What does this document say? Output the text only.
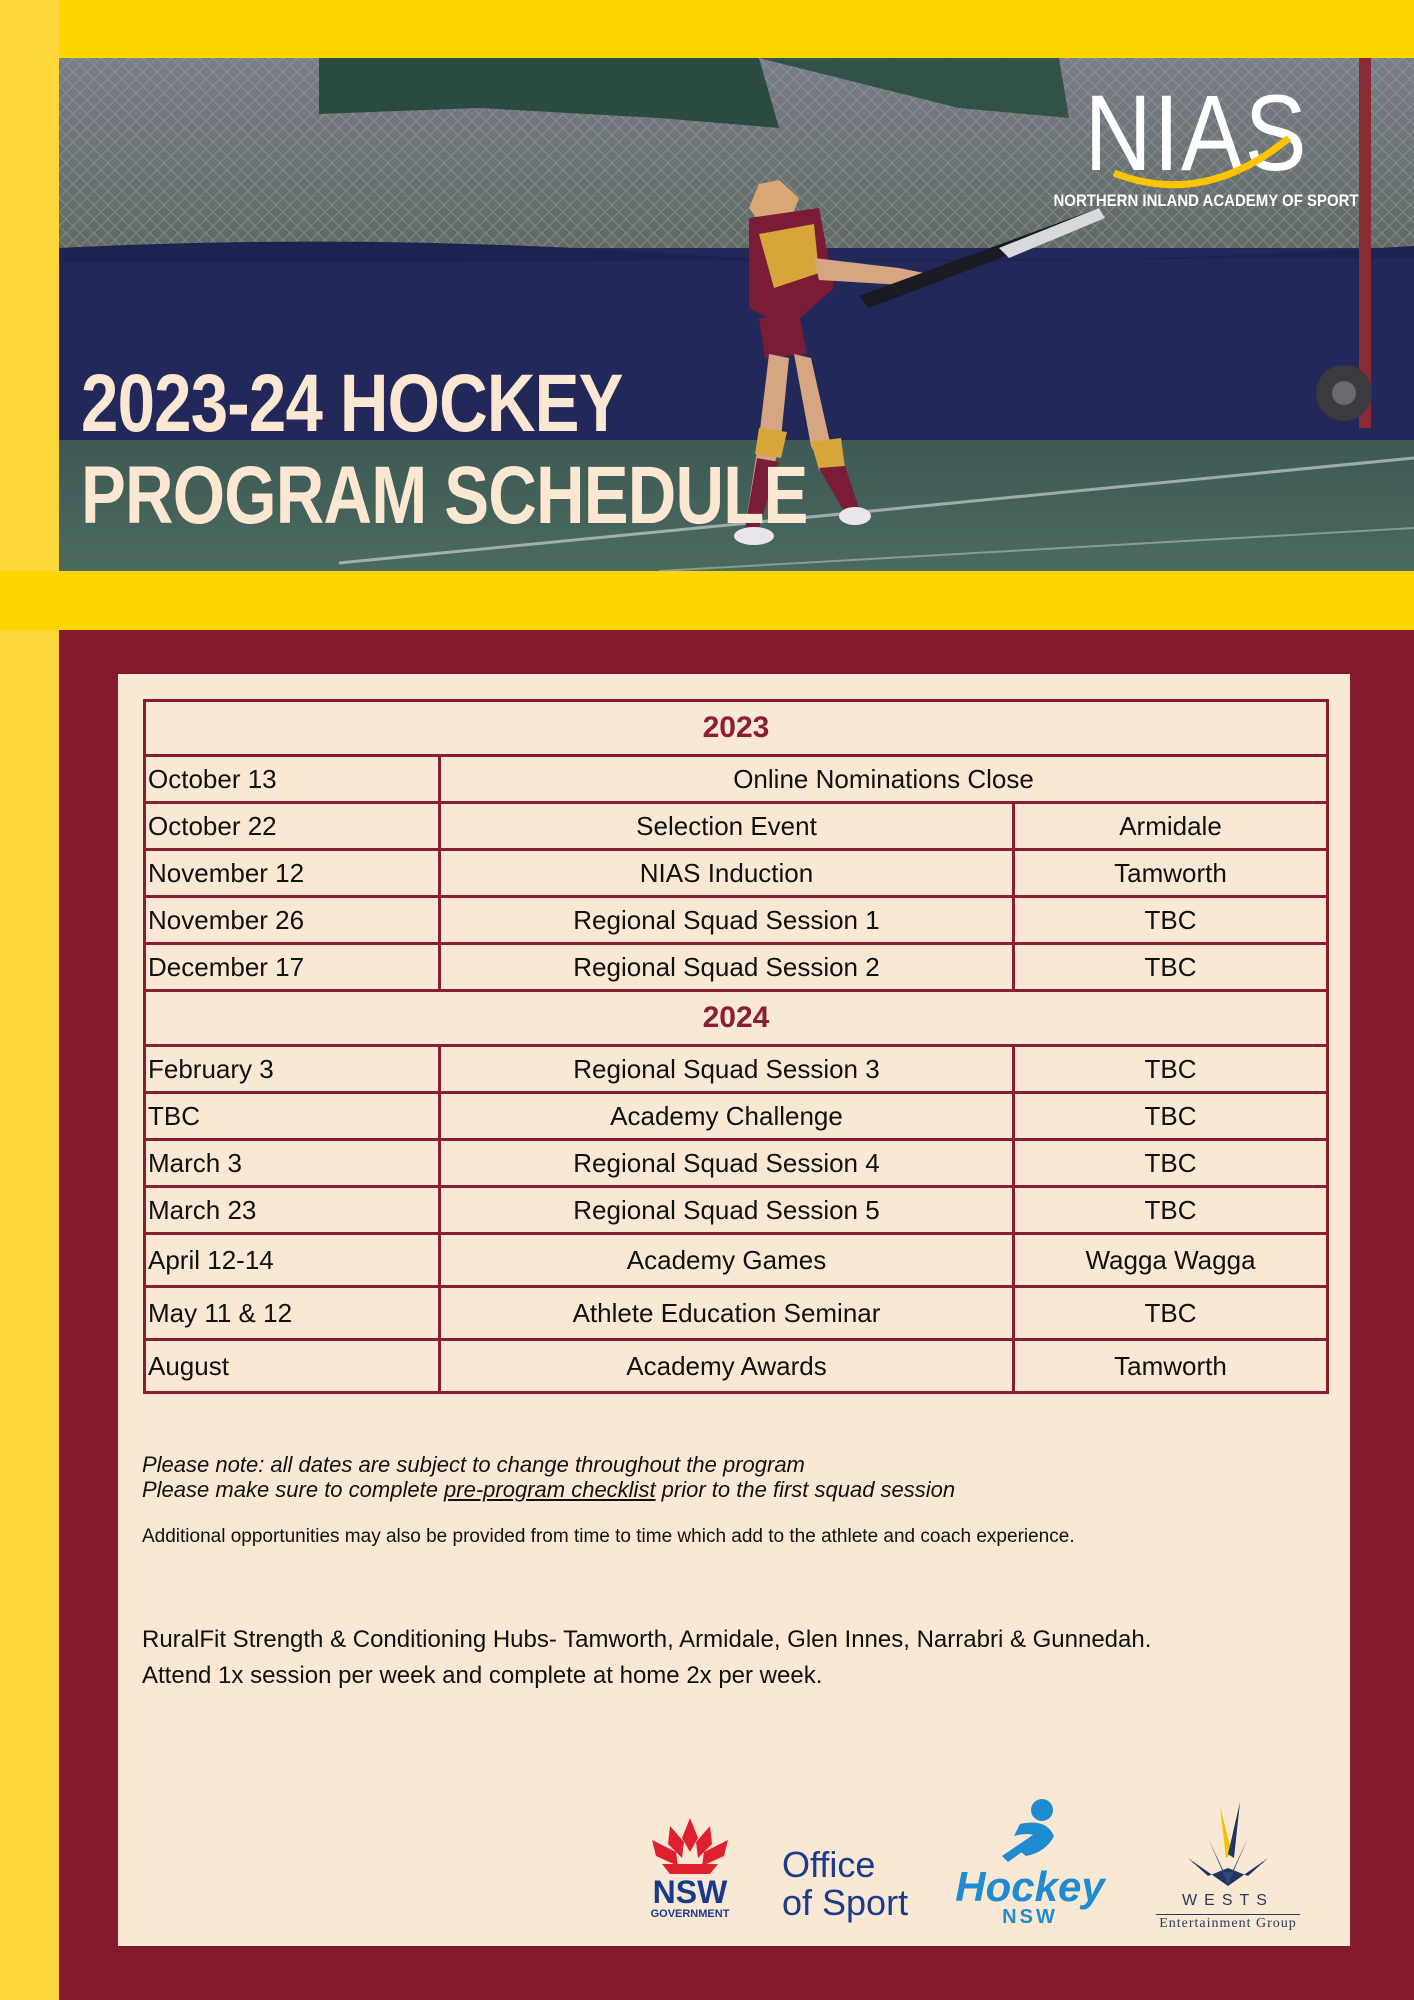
2023-24 HOCKEY
PROGRAM SCHEDULE
NIAS
NORTHERN INLAND ACADEMY OF SPORT
2023		
October 13	Online Nominations Close	
October 22	Selection Event	Armidale
November 12	NIAS Induction	Tamworth
November 26	Regional Squad Session 1	TBC
December 17	Regional Squad Session 2	TBC
2024		
February 3	Regional Squad Session 3	TBC
TBC	Academy Challenge	TBC
March 3	Regional Squad Session 4	TBC
March 23	Regional Squad Session 5	TBC
April 12-14	Academy Games	Wagga Wagga
May 11 & 12	Athlete Education Seminar	TBC
August	Academy Awards	Tamworth
Please note: all dates are subject to change throughout the program
Please make sure to complete pre-program checklist prior to the first squad session
Additional opportunities may also be provided from time to time which add to the athlete and coach experience.
RuralFit Strength & Conditioning Hubs- Tamworth, Armidale, Glen Innes, Narrabri & Gunnedah.
Attend 1x session per week and complete at home 2x per week.
NSW
GOVERNMENT
Office
of Sport	Hockey
NSW
WESTS
Entertainment Group
